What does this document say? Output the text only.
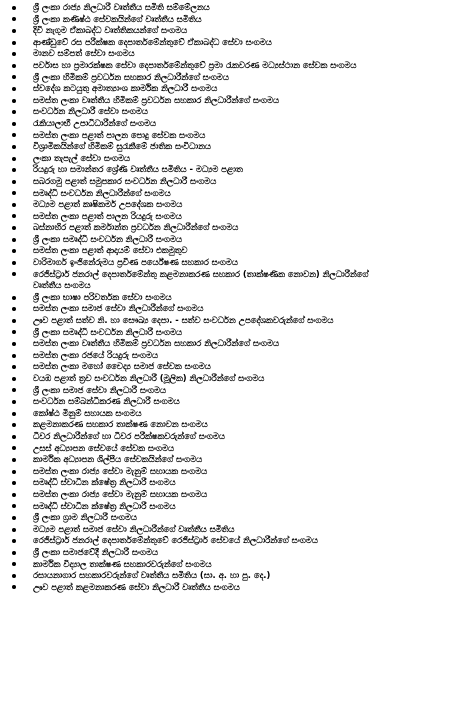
ශ්‍රී ලංකා රාජ්‍ය නිලධාරී වෘත්තීය සමිති සම්මේලනය
ශ්‍රී ලංකා කණිෂ්ඨ සේවකයින්ගේ වෘත්තීය සමිතිය
දිවි නැගුම ඒකාබද්ධ වෘත්තිකයන්ගේ සංගමය
ආණ්ඩුවේ රස පරීක්ෂක දෙපාර්තමේන්තුවේ ඒකාබද්ධ සේවා සංගමය
මානව සම්පත් සේවා සංගමය
පර්වාස හා ප්‍රමාරක්ෂක සේවා දෙපාර්තමේන්තුවේ ප්‍රමා රැකවරණ මධ්‍යස්ථාන සේවක සංගමය
ශ්‍රී ලංකා හිමිකම් ප්‍රවර්ධන සහකාර නිලධාරීන්ගේ සංගමය
ස්වදේශ කටයුතු අමාත්‍යාංශ කාර්මික නිලධාරී සංගමය
සමස්ත ලංකා වෘත්තීය හිමිකම් ප්‍රවර්ධන සහකාර නිලධාරීන්ගේ සංගමය
සංවර්ධන නිලධාරී සේවා සංගමය
රැකියාලාභී උපාධිධාරීන්ගේ සංගමය
සමස්ත ලංකා පළාත් පාලන පොදු සේවක සංගමය
විශ්‍රාමිකයින්ගේ හිමිකම් සුරැකීමේ ජාතික සංවිධානය
ලංකා තැපැල් සේවා සංගමය
රියදුරු හා සමාන්තර ශ්‍රේණි වෘත්තීය සමිතිය - මධ්‍යම පළාත
සබරගමු පළාත් සමුපකාර සංවර්ධන නිලධාරී සංගමය
සමෘද්ධි සංවර්ධන නිලධාරීන්ගේ සංගමය
මධ්‍යම පළාත් කෘෂිකර්ම උපදේශක සංගමය
සමස්ත ලංකා පළාත් පාලන රියදුරු සංගමය
බස්නාහිර පළාත් කර්මාන්ත ප්‍රවර්ධන නිලධාරීන්ගේ සංගමය
ශ්‍රී ලංකා සමෘද්ධි සංවර්ධන නිලධාරී සංගමය
සමස්ත ලංකා පළාත් ආදායම් සේවා එකමුතුව
වාරිමාර්ග ඉංජිනේරුමය ප්‍රවීණ පර්යේෂණ සහකාර සංගමය
රෙජිස්ට්‍රාර් ජනරාල් දෙපාර්තමේන්තු කළමනාකරණ සහකාර (තාක්ෂණික නොවන) නිලධාරීන්ගේ
වෘත්තීය සංගමය
ශ්‍රී ලංකා භාෂා පරිවර්තක සේවා සංගමය
සමස්ත ලංකා සමාජ සේවා නිලධාරීන්ගේ සංගමය
ඌව පළාත් සත්ව නි. හා සෞඛ්‍ය දෙපා. - සත්ව සංවර්ධන උපදේශකවරුන්ගේ සංගමය
ශ්‍රී ලංකා සමෘද්ධි සංවර්ධන නිලධාරී සංගමය
සමස්ත ලංකා වෘත්තීය හිමිකම් ප්‍රවර්ධන සහකාර නිලධාරීන්ගේ සංගමය
සමස්ත ලංකා රජයේ රියදුරු සංගමය
සමස්ත ලංකා මහෝ චෛද්‍ය සමාජ සේවක සංගමය
වයඹ පළාත් ත්‍රව සංවර්ධන නිලධාරී (මූලික) නිලධාරීන්ගේ සංගමය
ශ්‍රී ලංකා සමාජ සේවා නිලධාරී සංගමය
සංවර්ධන සම්බන්ධීකරණ නිලධාරී සංගමය
කෝෂ්ඨ මිනුම් සහායක සංගමය
කළමනාකරණ සහකාර තාක්ෂණ නොවන සංගමය
ධීවර නිලධාරීන්ගේ හා ධීවර පරීක්ෂකවරුන්ගේ සංගමය
උසස් අධ්‍යාපන සේවයේ සේවක සංගමය
කාර්මික අධ්‍යාපන ශිල්පීය සේවකයින්ගේ සංගමය
සමස්ත ලංකා රාජ්‍ය සේවා මැනුම් සහායක සංගමය
සමෘද්ධි ස්වාධීන ක්ෂේත්‍ර නිලධාරී සංගමය
සමස්ත ලංකා රාජ්‍ය සේවා මැනුම් සහායක සංගමය
සමෘද්ධි ස්වාධීන ක්ෂේත්‍ර නිලධාරී සංගමය
ශ්‍රී ලංකා ග්‍රාම නිලධාරී සංගමය
මධ්‍යම පළාත් සමාජ සේවා නිලධාරීන්ගේ වෘත්තීය සමිතිය
රෙජිස්ට්‍රාර් ජනරාල් දෙපාර්තමේන්තුවේ රෙජිස්ට්‍රාර් සේවයේ නිලධාරීන්ගේ සංගමය
ශ්‍රී ලංකා සමාජවේදී නිලධාරී සංගමය
කාර්මික විද්‍යාල තාක්ෂණ සහකාරවරුන්ගේ සංගමය
රසායනාගාර සහකාරවරුන්ගේ වෘත්තීය සමිතිය (සා. අ. හා පු. දෙ.)
ඌව පළාත් කළමනාකරණ සේවා නිලධාරී වෘත්තීය සංගමය
